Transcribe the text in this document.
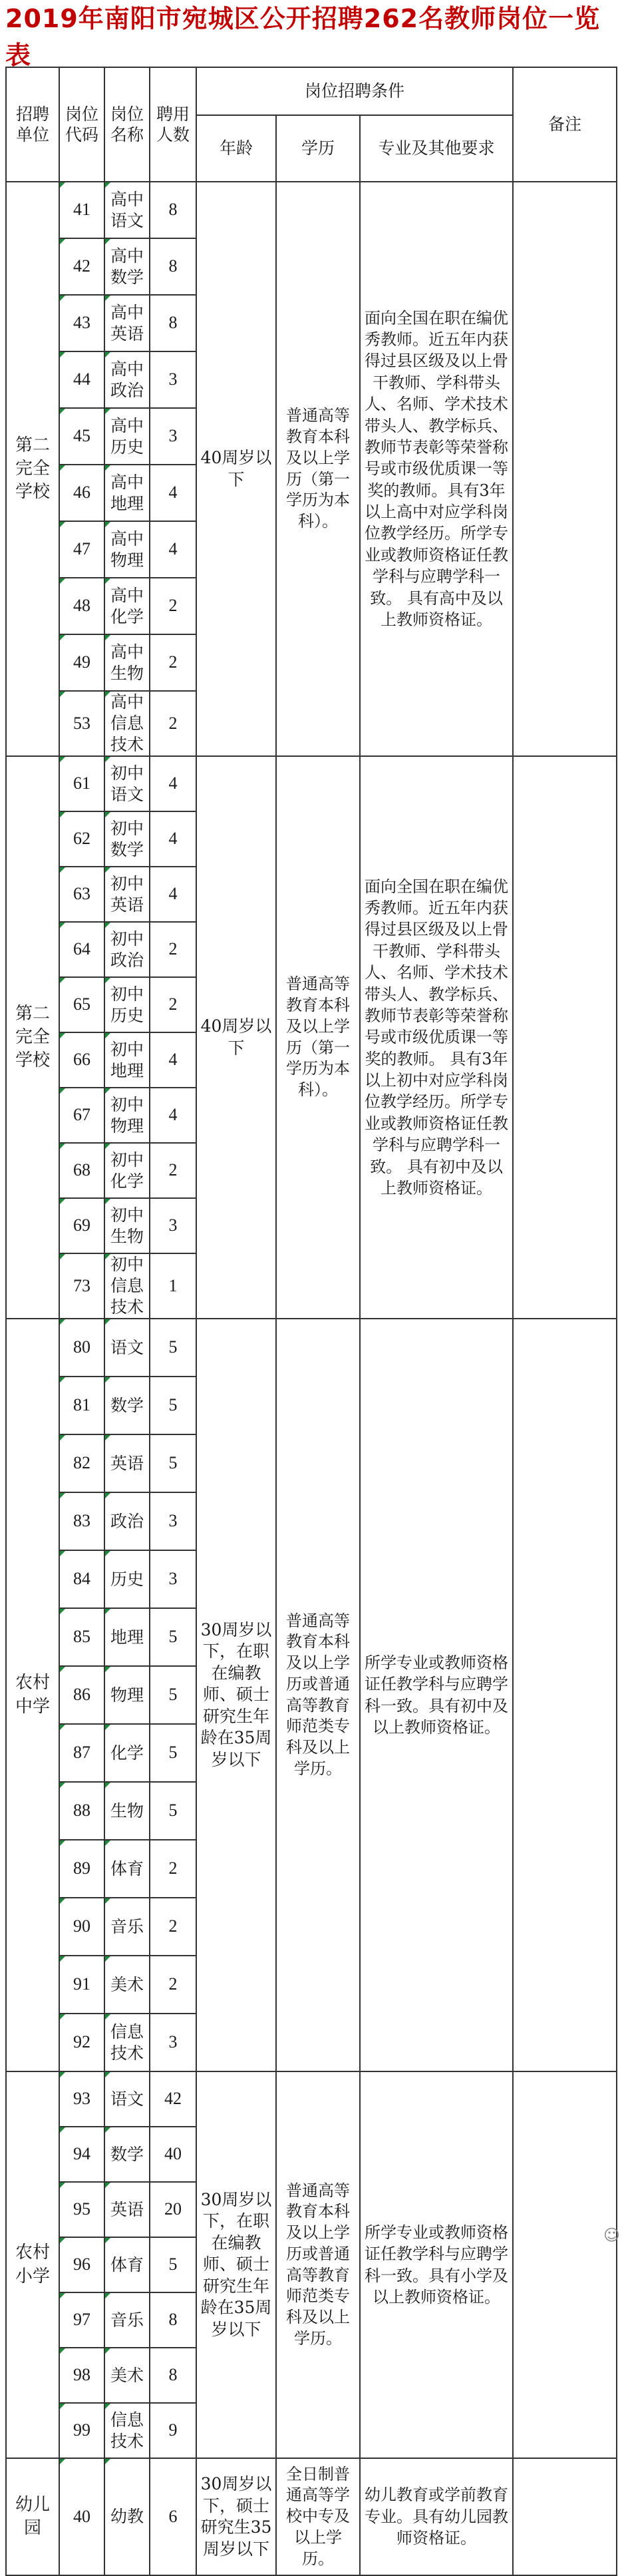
2019年南阳市宛城区公开招聘262名教师岗位一览表
招聘单位	岗位代码	岗位名称	聘用人数	岗位招聘条件			备注
				年龄	学历	专业及其他要求	
第二完全学校	41	高中语文	8	40周岁以下	普通高等教育本科及以上学历（第一学历为本科）。	面向全国在职在编优秀教师。近五年内获得过县区级及以上骨干教师、学科带头人、名师、学术技术带头人、教学标兵、教师节表彰等荣誉称号或市级优质课一等奖的教师。具有3年以上高中对应学科岗位教学经历。所学专业或教师资格证任教学科与应聘学科一致。 具有高中及以上教师资格证。	
	42	高中数学	8				
	43	高中英语	8				
	44	高中政治	3				
	45	高中历史	3				
	46	高中地理	4				
	47	高中物理	4				
	48	高中化学	2				
	49	高中生物	2				
	53	高中信息技术	2				
第二完全学校	61	初中语文	4	40周岁以下	普通高等教育本科及以上学历（第一学历为本科）。	面向全国在职在编优秀教师。近五年内获得过县区级及以上骨干教师、学科带头人、名师、学术技术带头人、教学标兵、教师节表彰等荣誉称号或市级优质课一等奖的教师。 具有3年以上初中对应学科岗位教学经历。所学专业或教师资格证任教学科与应聘学科一致。 具有初中及以上教师资格证。	
	62	初中数学	4				
	63	初中英语	4				
	64	初中政治	2				
	65	初中历史	2				
	66	初中地理	4				
	67	初中物理	4				
	68	初中化学	2				
	69	初中生物	3				
	73	初中信息技术	1				
农村中学	80	语文	5	30周岁以下，在职在编教师、硕士研究生年龄在35周岁以下	普通高等教育本科及以上学历或普通高等教育师范类专科及以上学历。	所学专业或教师资格证任教学科与应聘学科一致。具有初中及以上教师资格证。	
	81	数学	5				
	82	英语	5				
	83	政治	3				
	84	历史	3				
	85	地理	5				
	86	物理	5				
	87	化学	5				
	88	生物	5				
	89	体育	2				
	90	音乐	2				
	91	美术	2				
	92	信息技术	3				
农村小学	93	语文	42	30周岁以下，在职在编教师、硕士研究生年龄在35周岁以下	普通高等教育本科及以上学历或普通高等教育师范类专科及以上学历。	所学专业或教师资格证任教学科与应聘学科一致。具有小学及以上教师资格证。	
	94	数学	40				
	95	英语	20				
	96	体育	5				
	97	音乐	8				
	98	美术	8				
	99	信息技术	9				
幼儿园	40	幼教	6	30周岁以下，硕士研究生35周岁以下	全日制普通高等学校中专及以上学历。	幼儿教育或学前教育专业。具有幼儿园教师资格证。	
☺
